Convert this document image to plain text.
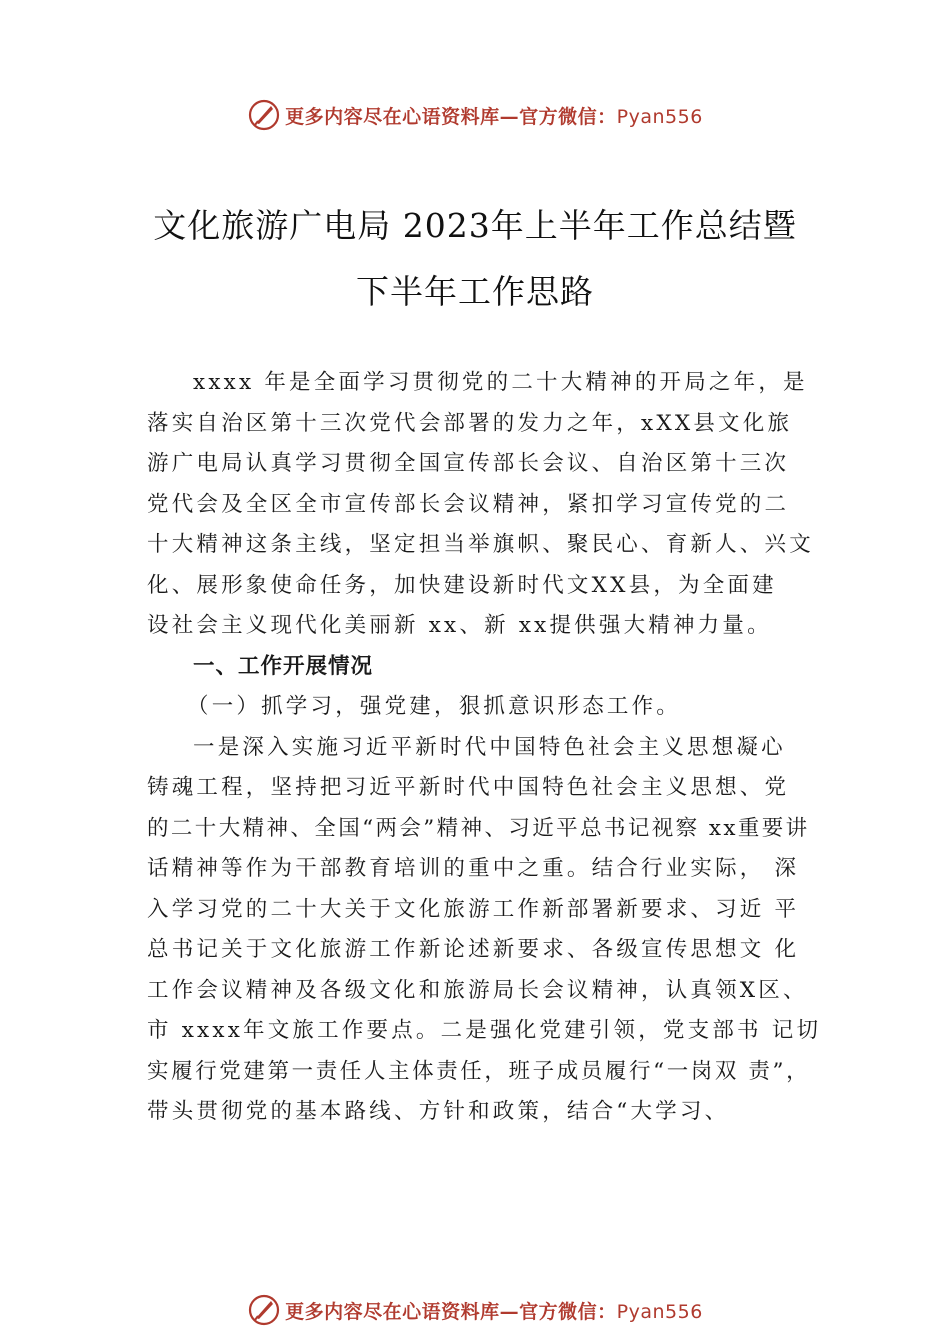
更多内容尽在心语资料库—官方微信：Pyan556
文化旅游广电局 2023年上半年工作总结暨
下半年工作思路
xxxx 年是全面学习贯彻党的二十大精神的开局之年，是
落实自治区第十三次党代会部署的发力之年，xXX县文化旅
游广电局认真学习贯彻全国宣传部长会议、自治区第十三次
党代会及全区全市宣传部长会议精神，紧扣学习宣传党的二
十大精神这条主线，坚定担当举旗帜、聚民心、育新人、兴文
化、展形象使命任务，加快建设新时代文XX县，为全面建
设社会主义现代化美丽新 xx、新 xx提供强大精神力量。
一、工作开展情况
（一）抓学习，强党建，狠抓意识形态工作。
一是深入实施习近平新时代中国特色社会主义思想凝心
铸魂工程，坚持把习近平新时代中国特色社会主义思想、党
的二十大精神、全国“两会”精神、习近平总书记视察 xx重要讲
话精神等作为干部教育培训的重中之重。结合行业实际， 深
入学习党的二十大关于文化旅游工作新部署新要求、习近 平
总书记关于文化旅游工作新论述新要求、各级宣传思想文 化
工作会议精神及各级文化和旅游局长会议精神，认真领X区、
市 xxxx年文旅工作要点。二是强化党建引领，党支部书 记切
实履行党建第一责任人主体责任，班子成员履行“一岗双 责”，
带头贯彻党的基本路线、方针和政策，结合“大学习、
更多内容尽在心语资料库—官方微信：Pyan556
